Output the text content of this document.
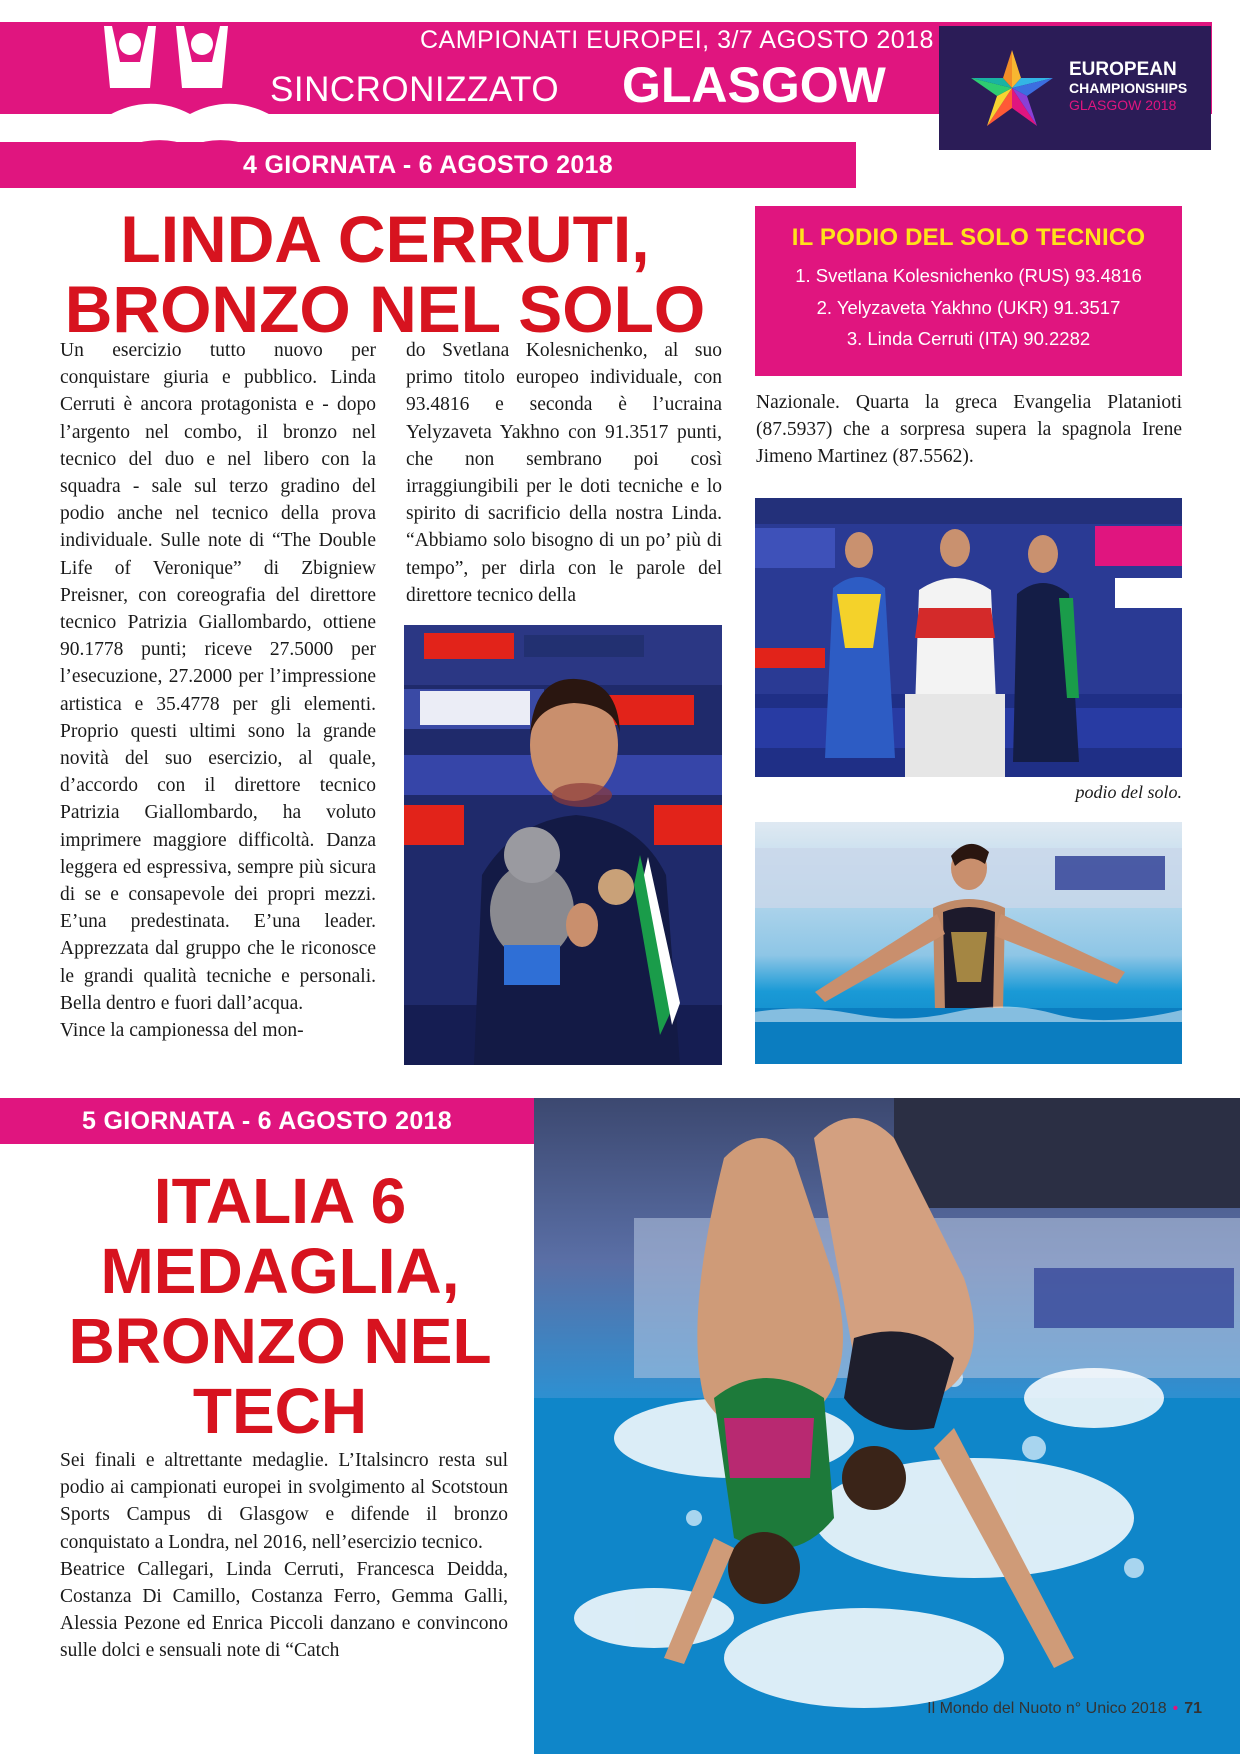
CAMPIONATI EUROPEI, 3/7 AGOSTO 2018
SINCRONIZZATO GLASGOW	EUROPEAN
CHAMPIONSHIPS
GLASGOW 2018
4 GIORNATA - 6 AGOSTO 2018
LINDA CERRUTI,
BRONZO NEL SOLO

Un esercizio tutto nuovo per conquistare giuria e pubblico. Linda Cerruti è ancora protagonista e - dopo l’argento nel combo, il bronzo nel tecnico del duo e nel libero con la squadra - sale sul terzo gradino del podio anche nel tecnico della prova individuale. Sulle note di “The Double Life of Veronique” di Zbigniew Preisner, con coreografia del direttore tecnico Patrizia Giallombardo, ottiene 90.1778 punti; riceve 27.5000 per l’esecuzione, 27.2000 per l’impressione artistica e 35.4778 per gli elementi. Proprio questi ultimi sono la grande novità del suo esercizio, al quale, d’accordo con il direttore tecnico Patrizia Giallombardo, ha voluto imprimere maggiore difficoltà. Danza leggera ed espressiva, sempre più sicura di se e consapevole dei propri mezzi. E’una predestinata. E’una leader. Apprezzata dal gruppo che le riconosce le grandi qualità tecniche e personali. Bella dentro e fuori dall’acqua.

Vince la campionessa del mon-

do Svetlana Kolesnichenko, al suo primo titolo europeo individuale, con 93.4816 e seconda è l’ucraina Yelyzaveta Yakhno con 91.3517 punti, che non sembrano poi così irraggiungibili per le doti tecniche e lo spirito di sacrificio della nostra Linda. “Abbiamo solo bisogno di un po’ più di tempo”, per dirla con le parole del direttore tecnico della

IL PODIO DEL SOLO TECNICO
1. Svetlana Kolesnichenko (RUS) 93.4816
2. Yelyzaveta Yakhno (UKR) 91.3517
3. Linda Cerruti (ITA) 90.2282

Nazionale. Quarta la greca Evangelia Platanioti (87.5937) che a sorpresa supera la spagnola Irene Jimeno Martinez (87.5562).

podio del solo.
5 GIORNATA - 6 AGOSTO 2018
ITALIA 6
MEDAGLIA,
BRONZO NEL
TECH

Sei finali e altrettante medaglie. L’Italsincro resta sul podio ai campionati europei in svolgimento al Scotstoun Sports Campus di Glasgow e difende il bronzo conquistato a Londra, nel 2016, nell’esercizio tecnico.

Beatrice Callegari, Linda Cerruti, Francesca Deidda, Costanza Di Camillo, Costanza Ferro, Gemma Galli, Alessia Pezone ed Enrica Piccoli danzano e convincono sulle dolci e sensuali note di “Catch

Il Mondo del Nuoto n° Unico 2018 • 71
